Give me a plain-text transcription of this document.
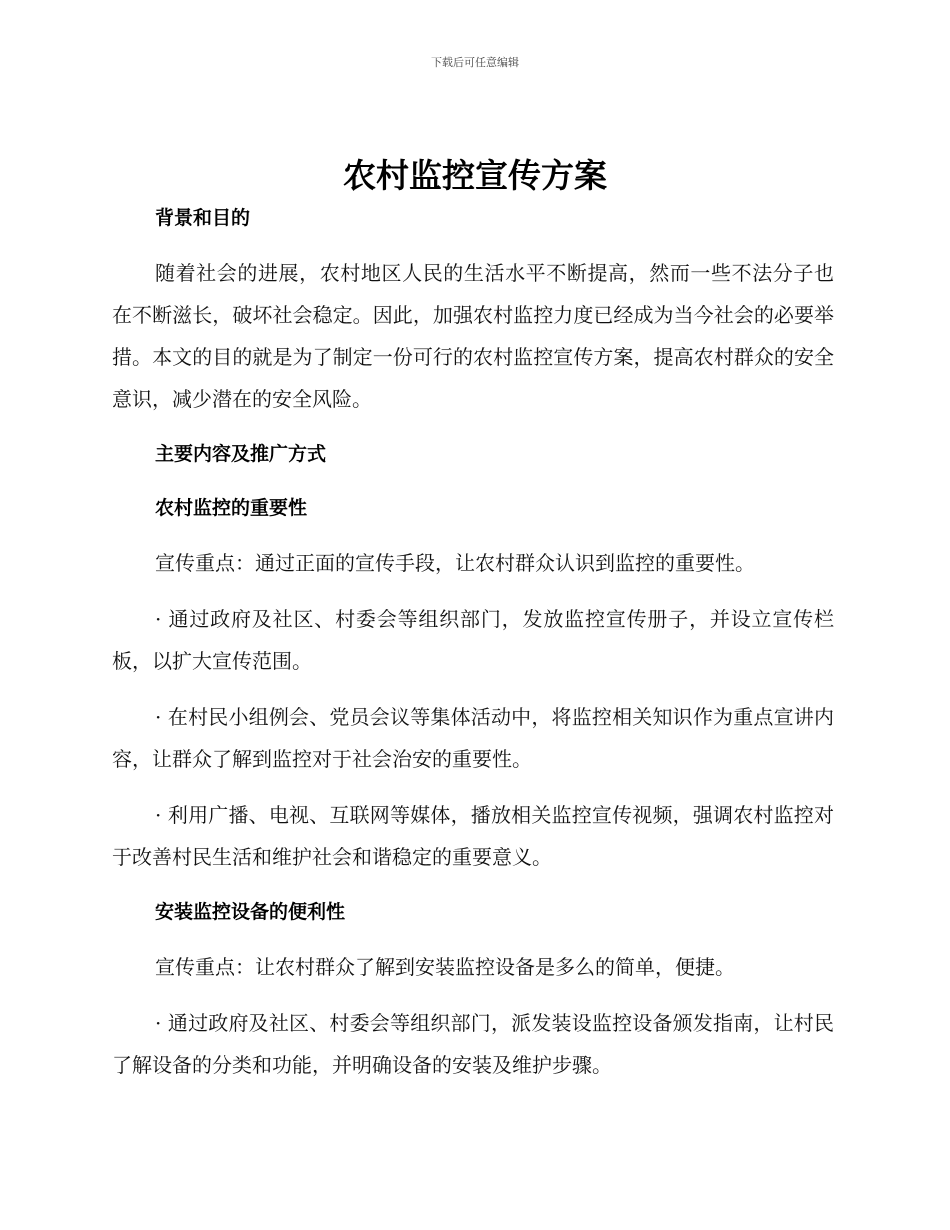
下载后可任意编辑
农村监控宣传方案
背景和目的

随着社会的进展，农村地区人民的生活水平不断提高，然而一些不法分子也在不断滋长，破坏社会稳定。因此，加强农村监控力度已经成为当今社会的必要举措。本文的目的就是为了制定一份可行的农村监控宣传方案，提高农村群众的安全意识，减少潜在的安全风险。

主要内容及推广方式
农村监控的重要性

宣传重点：通过正面的宣传手段，让农村群众认识到监控的重要性。

· 通过政府及社区、村委会等组织部门，发放监控宣传册子，并设立宣传栏板，以扩大宣传范围。

· 在村民小组例会、党员会议等集体活动中，将监控相关知识作为重点宣讲内容，让群众了解到监控对于社会治安的重要性。

· 利用广播、电视、互联网等媒体，播放相关监控宣传视频，强调农村监控对于改善村民生活和维护社会和谐稳定的重要意义。

安装监控设备的便利性

宣传重点：让农村群众了解到安装监控设备是多么的简单，便捷。

· 通过政府及社区、村委会等组织部门，派发装设监控设备颁发指南，让村民了解设备的分类和功能，并明确设备的安装及维护步骤。
